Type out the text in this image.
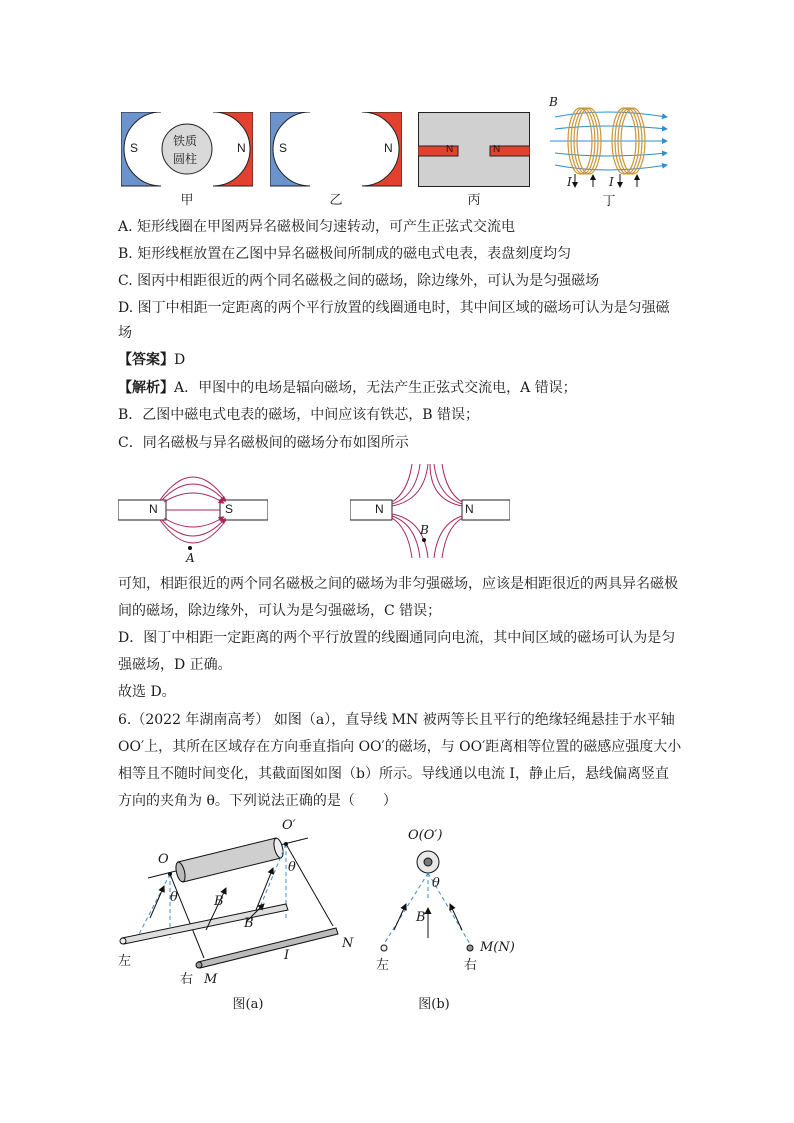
S	N
铁质
圆柱
甲
S	N
乙
N	N
丙
B
I	I
丁
A. 矩形线圈在甲图两异名磁极间匀速转动，可产生正弦式交流电
B. 矩形线框放置在乙图中异名磁极间所制成的磁电式电表，表盘刻度均匀
C. 图丙中相距很近的两个同名磁极之间的磁场，除边缘外，可认为是匀强磁场
D. 图丁中相距一定距离的两个平行放置的线圈通电时，其中间区域的磁场可认为是匀强磁
场
【答案】D
【解析】A．甲图中的电场是辐向磁场，无法产生正弦式交流电，A 错误；
B．乙图中磁电式电表的磁场，中间应该有铁芯，B 错误；
C．同名磁极与异名磁极间的磁场分布如图所示
N	S
A
N	N
B
可知，相距很近的两个同名磁极之间的磁场为非匀强磁场，应该是相距很近的两具异名磁极
间的磁场，除边缘外，可认为是匀强磁场，C 错误；
D．图丁中相距一定距离的两个平行放置的线圈通同向电流，其中间区域的磁场可认为是匀
强磁场，D 正确。
故选 D。
6.（2022 年湖南高考） 如图（a），直导线 MN 被两等长且平行的绝缘轻绳悬挂于水平轴
OO′上，其所在区域存在方向垂直指向 OO′的磁场，与 OO′距离相等位置的磁感应强度大小
相等且不随时间变化，其截面图如图（b）所示。导线通以电流 I，静止后，悬线偏离竖直
方向的夹角为 θ。下列说法正确的是（　　）
O
O′
θ
θ
B
B
左
右 M
N
I
图(a)
O(O′)
θ
B
左	右
M(N)
图(b)
